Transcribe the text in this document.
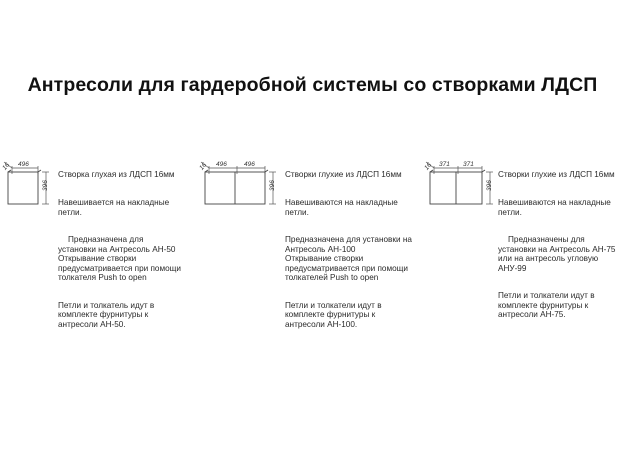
Антресоли для гардеробной системы со створками ЛДСП
16 496
396

Створка глухая из ЛДСП 16мм

Навешивается на накладные
петли.

Предназначена для
установки на Антресоль АН-50
Открывание створки
предусматривается при помощи
толкателя Push to open

Петли и толкатель идут в
комплекте фурнитуры к
антресоли АН-50.

16 496	496
396

Створки глухие из ЛДСП 16мм

Навешиваются на накладные
петли.

Предназначена для установки на
Антресоль АН-100
Открывание створки
предусматривается при помощи
толкателей Push to open

Петли и толкатели идут в
комплекте фурнитуры к
антресоли АН-100.

16 371 371
396

Створки глухие из ЛДСП 16мм

Навешиваются на накладные
петли.

Предназначены для
установки на Антресоль АН-75
или на антресоль угловую
АНУ-99

Петли и толкатели идут в
комплекте фурнитуры к
антресоли АН-75.
